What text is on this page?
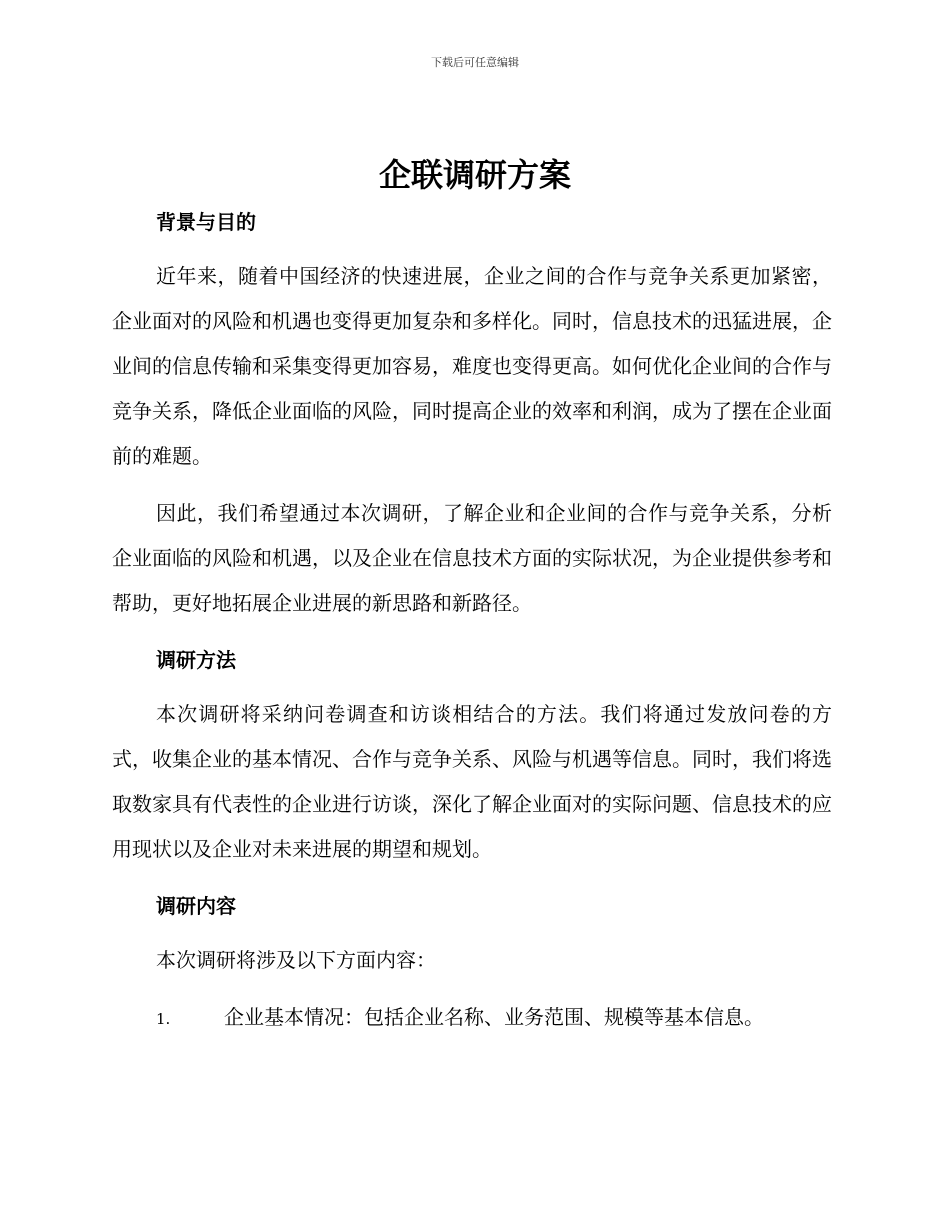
下载后可任意编辑
企联调研方案
背景与目的

近年来，随着中国经济的快速进展，企业之间的合作与竞争关系更加紧密，企业面对的风险和机遇也变得更加复杂和多样化。同时，信息技术的迅猛进展，企业间的信息传输和采集变得更加容易，难度也变得更高。如何优化企业间的合作与竞争关系，降低企业面临的风险，同时提高企业的效率和利润，成为了摆在企业面前的难题。

因此，我们希望通过本次调研，了解企业和企业间的合作与竞争关系，分析企业面临的风险和机遇，以及企业在信息技术方面的实际状况，为企业提供参考和帮助，更好地拓展企业进展的新思路和新路径。

调研方法

本次调研将采纳问卷调查和访谈相结合的方法。我们将通过发放问卷的方式，收集企业的基本情况、合作与竞争关系、风险与机遇等信息。同时，我们将选取数家具有代表性的企业进行访谈，深化了解企业面对的实际问题、信息技术的应用现状以及企业对未来进展的期望和规划。

调研内容

本次调研将涉及以下方面内容：

1.	企业基本情况：包括企业名称、业务范围、规模等基本信息。
